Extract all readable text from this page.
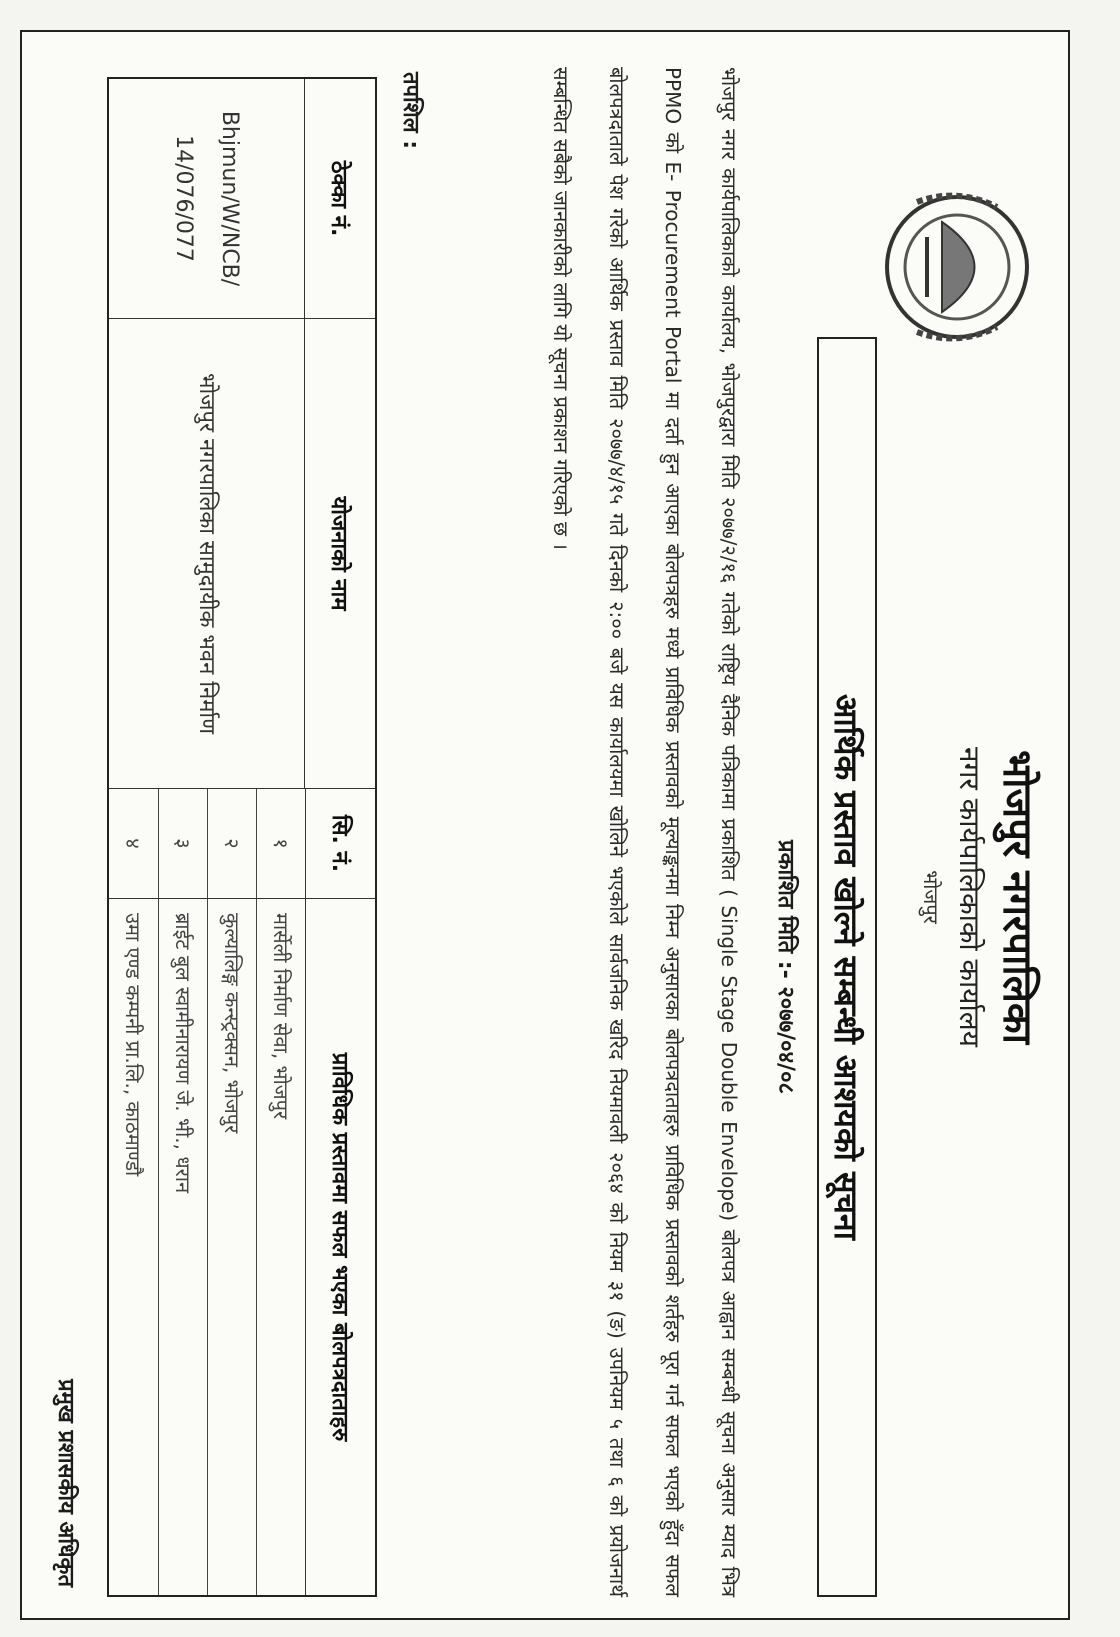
भोजपुर नगरपालिका
नगर कार्यपालिकाको कार्यालय
भोजपुर
आर्थिक प्रस्ताव खोल्ने सम्बन्धी आशयको सूचना
प्रकाशित मिति :- २०७७/०४/०८
भोजपुर नगर कार्यपालिकाको कार्यालय, भोजपुरद्वारा मिति २०७७/२/१६ गतेको राष्ट्रिय दैनिक पत्रिकामा प्रकाशित ( Single Stage Double Envelope) बोलपत्र आह्वान सम्बन्धी सूचना अनुसार म्याद भित्र PPMO को E- Procurement Portal मा दर्ता हुन आएका बोलपत्रहरु मध्ये प्राविधिक प्रस्तावको मूल्याङ्कनमा निम्न अनुसारका बोलपत्रदाताहरु प्राविधिक प्रस्तावको शर्तहरु पूरा गर्न सफल भएको हुँदा सफल बोलपत्रदाताले पेश गरेको आर्थिक प्रस्ताव मिति २०७७/४/१५ गते दिनको २:०० बजे यस कार्यालयमा खोलिने भएकोले सार्वजनिक खरिद नियमावली २०६४ को नियम ३१ (ङ) उपनियम ५ तथा ६ को प्रयोजनार्थ सम्बन्धित सबैको जानकारीको लागि यो सूचना प्रकाशन गरिएको छ ।
तपशिल :
ठेक्का नं.
Bhjmun/W/NCB/ 14/076/077
योजनाको नाम
भोजपुर नगरपालिका सामुदायीक भवन निर्माण
सि. नं.
१
२
३
४
प्राविधिक प्रस्तावमा सफल भएका बोलपत्रदाताहरु
मार्सेली निर्माण सेवा, भोजपुर
कुल्यालिङ्ग कन्स्ट्रक्सन, भोजपुर
ब्राईट बुल स्वामीनारायण जे. भी., धरान
उमा एण्ड कम्पनी प्रा.लि., काठमाण्डौ
प्रमुख प्रशासकीय अधिकृत
